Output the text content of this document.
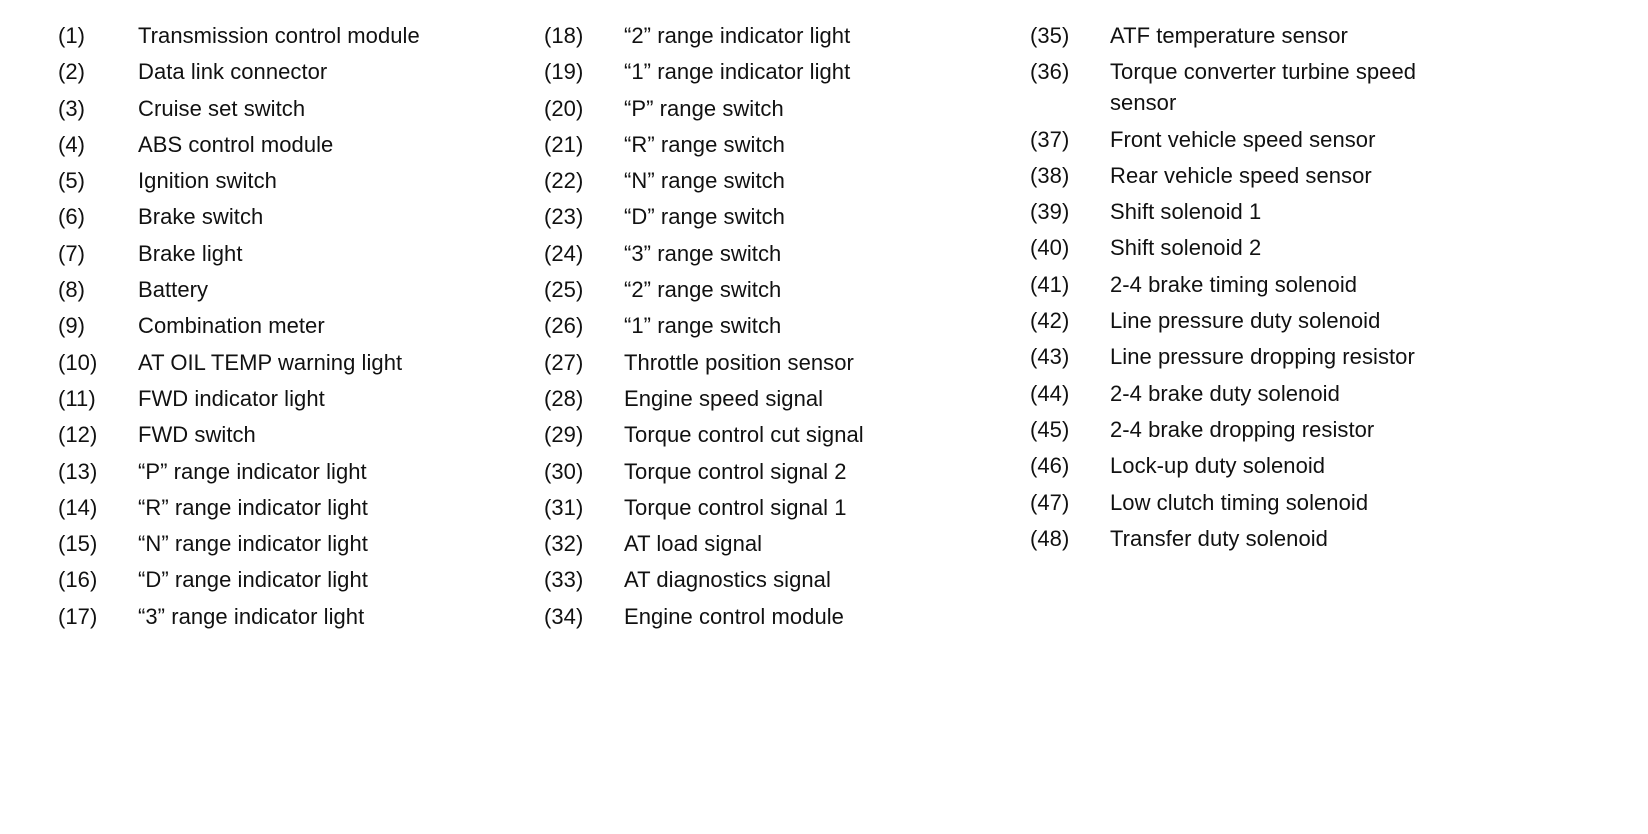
(1)	Transmission control module
(2)	Data link connector
(3)	Cruise set switch
(4)	ABS control module
(5)	Ignition switch
(6)	Brake switch
(7)	Brake light
(8)	Battery
(9)	Combination meter
(10)	AT OIL TEMP warning light
(11)	FWD indicator light
(12)	FWD switch
(13)	“P” range indicator light
(14)	“R” range indicator light
(15)	“N” range indicator light
(16)	“D” range indicator light
(17)	“3” range indicator light
(18)	“2” range indicator light
(19)	“1” range indicator light
(20)	“P” range switch
(21)	“R” range switch
(22)	“N” range switch
(23)	“D” range switch
(24)	“3” range switch
(25)	“2” range switch
(26)	“1” range switch
(27)	Throttle position sensor
(28)	Engine speed signal
(29)	Torque control cut signal
(30)	Torque control signal 2
(31)	Torque control signal 1
(32)	AT load signal
(33)	AT diagnostics signal
(34)	Engine control module
(35)	ATF temperature sensor
(36)	Torque converter turbine speed sensor
(37)	Front vehicle speed sensor
(38)	Rear vehicle speed sensor
(39)	Shift solenoid 1
(40)	Shift solenoid 2
(41)	2-4 brake timing solenoid
(42)	Line pressure duty solenoid
(43)	Line pressure dropping resistor
(44)	2-4 brake duty solenoid
(45)	2-4 brake dropping resistor
(46)	Lock-up duty solenoid
(47)	Low clutch timing solenoid
(48)	Transfer duty solenoid
